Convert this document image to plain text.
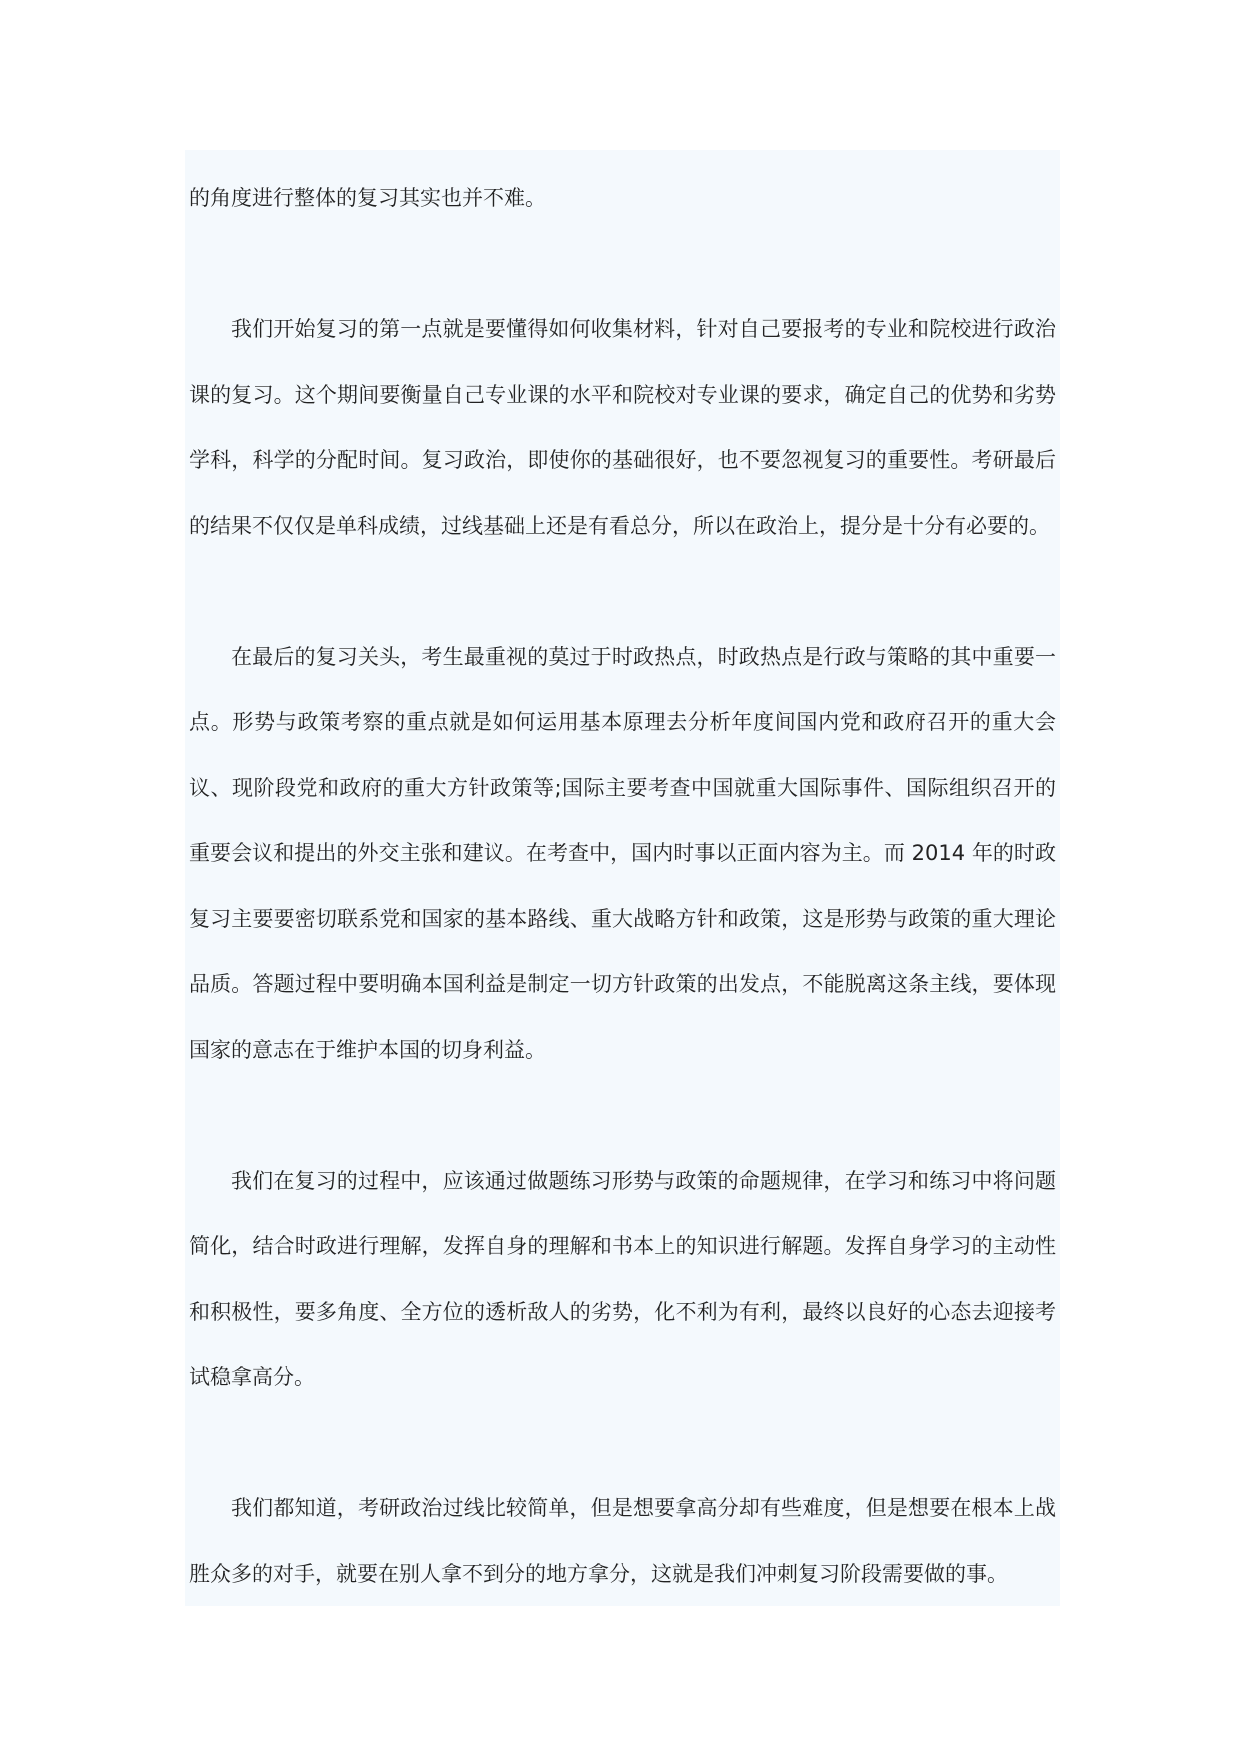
的角度进行整体的复习其实也并不难。

我们开始复习的第一点就是要懂得如何收集材料，针对自己要报考的专业和院校进行政治课的复习。这个期间要衡量自己专业课的水平和院校对专业课的要求，确定自己的优势和劣势学科，科学的分配时间。复习政治，即使你的基础很好，也不要忽视复习的重要性。考研最后的结果不仅仅是单科成绩，过线基础上还是有看总分，所以在政治上，提分是十分有必要的。

在最后的复习关头，考生最重视的莫过于时政热点，时政热点是行政与策略的其中重要一点。形势与政策考察的重点就是如何运用基本原理去分析年度间国内党和政府召开的重大会议、现阶段党和政府的重大方针政策等;国际主要考查中国就重大国际事件、国际组织召开的重要会议和提出的外交主张和建议。在考查中，国内时事以正面内容为主。而 2014 年的时政复习主要要密切联系党和国家的基本路线、重大战略方针和政策，这是形势与政策的重大理论品质。答题过程中要明确本国利益是制定一切方针政策的出发点，不能脱离这条主线，要体现国家的意志在于维护本国的切身利益。

我们在复习的过程中，应该通过做题练习形势与政策的命题规律，在学习和练习中将问题简化，结合时政进行理解，发挥自身的理解和书本上的知识进行解题。发挥自身学习的主动性和积极性，要多角度、全方位的透析敌人的劣势，化不利为有利，最终以良好的心态去迎接考试稳拿高分。

我们都知道，考研政治过线比较简单，但是想要拿高分却有些难度，但是想要在根本上战胜众多的对手，就要在别人拿不到分的地方拿分，这就是我们冲刺复习阶段需要做的事。
